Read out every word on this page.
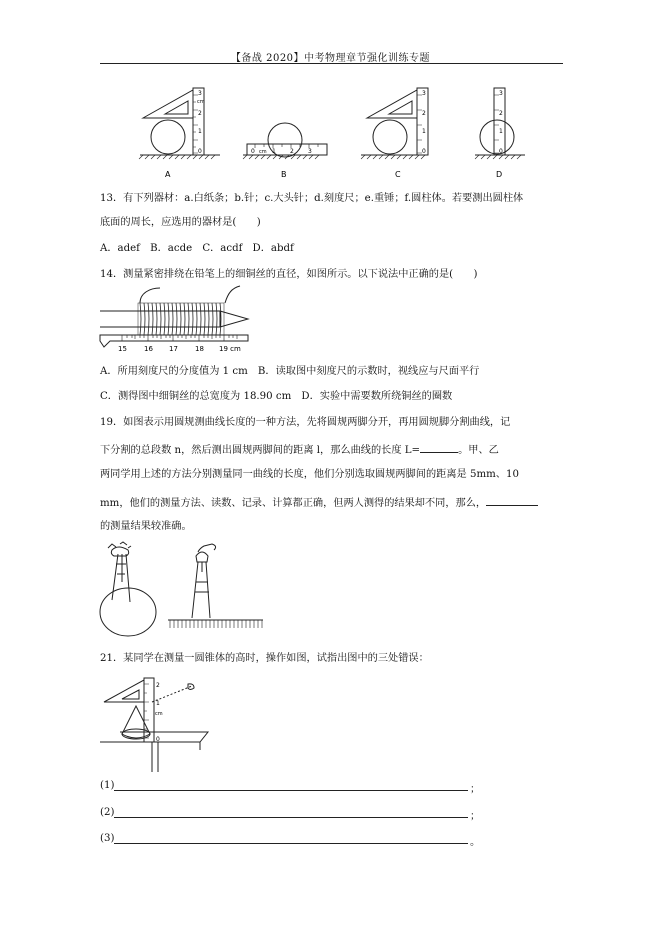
【备战 2020】中考物理章节强化训练专题
3
cm
2
1
0	0 cm 1 2 3
3
2
1
0
A	B	C
3
2
1
0
D
13．有下列器材：a.白纸条；b.针；c.大头针；d.刻度尺；e.重锤；f.圆柱体。若要测出圆柱体
底面的周长，应选用的器材是(　　)
A．adef　B．acde　C．acdf　D．abdf
14．测量紧密排绕在铅笔上的细铜丝的直径，如图所示。以下说法中正确的是(　　)
15 16 17 18 19 cm
A．所用刻度尺的分度值为 1 cm　B．读取图中刻度尺的示数时，视线应与尺面平行
C．测得图中细铜丝的总宽度为 18.90 cm　D．实验中需要数所绕铜丝的圈数
19．如图表示用圆规测曲线长度的一种方法，先将圆规两脚分开，再用圆规脚分割曲线，记
下分割的总段数 n，然后测出圆规两脚间的距离 l，那么曲线的长度 L=	。甲、乙
两同学用上述的方法分别测量同一曲线的长度，他们分别选取圆规两脚间的距离是 5mm、10
mm，他们的测量方法、读数、记录、计算都正确，但两人测得的结果却不同，那么，
的测量结果较准确。
21．某同学在测量一圆锥体的高时，操作如图，试指出图中的三处错误：
2
1
cm
0
(1)	；
(2)	；
(3)	。
